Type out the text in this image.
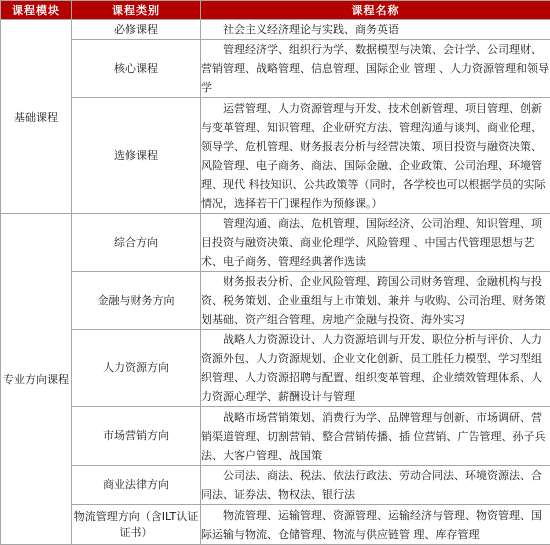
课程模块	课程类别	课程名称
基础课程	必修课程	社会主义经济理论与实践、商务英语

	核心课程	管理经济学、组织行为学、数据模型与决策、会计学、公司理财、营销管理、战略管理、信息管理、国际企业 管理 、人力资源管理和领导学

	选修课程	运营管理、人力资源管理与开发、技术创新管理、项目管理、创新与变革管理、知识管理、企业研究方法、管理沟通与谈判、商业伦理、领导学、危机管理、财务报表分析与经营决策、项目投资与融资决策、风险管理、电子商务、商法、国际金融、企业政策、公司治理、环境管理、现代 科技知识、公共政策等（同时，各学校也可以根据学员的实际情况，选择若干门课程作为预修课。）

专业方向课程	综合方向	管理沟通、商法、危机管理、国际经济、公司治理、知识管理、项目投资与融资决策、商业伦理学、风险管理 、中国古代管理思想与艺术、电子商务、管理经典著作选读

	金融与财务方向	财务报表分析、企业风险管理、跨国公司财务管理、金融机构与投资、税务策划、企业重组与上市策划、兼并 与收购、公司治理、财务策划基础、资产组合管理、房地产金融与投资、海外实习

	人力资源方向	战略人力资源设计、人力资源培训与开发、职位分析与评价、人力资源外包、人力资源规划、企业文化创新、员工胜任力模型、学习型组织管理、人力资源招聘与配置、组织变革管理、企业绩效管理体系、人力资源心理学、薪酬设计与管理

	市场营销方向	战略市场营销策划、消费行为学、品牌管理与创新、市场调研、营销渠道管理、切割营销、整合营销传播、插 位营销、广告管理、孙子兵法、大客户管理、战国策

	商业法律方向	公司法、商法、税法、依法行政法、劳动合同法、环境资源法、合同法、证券法、物权法、银行法

	物流管理方向（含ILT认证　证书）	物流管理、运输管理、资源管理、运输经济与管理、物资管理、国际运输与物流、仓储管理、物流与供应链管 理、库存管理
